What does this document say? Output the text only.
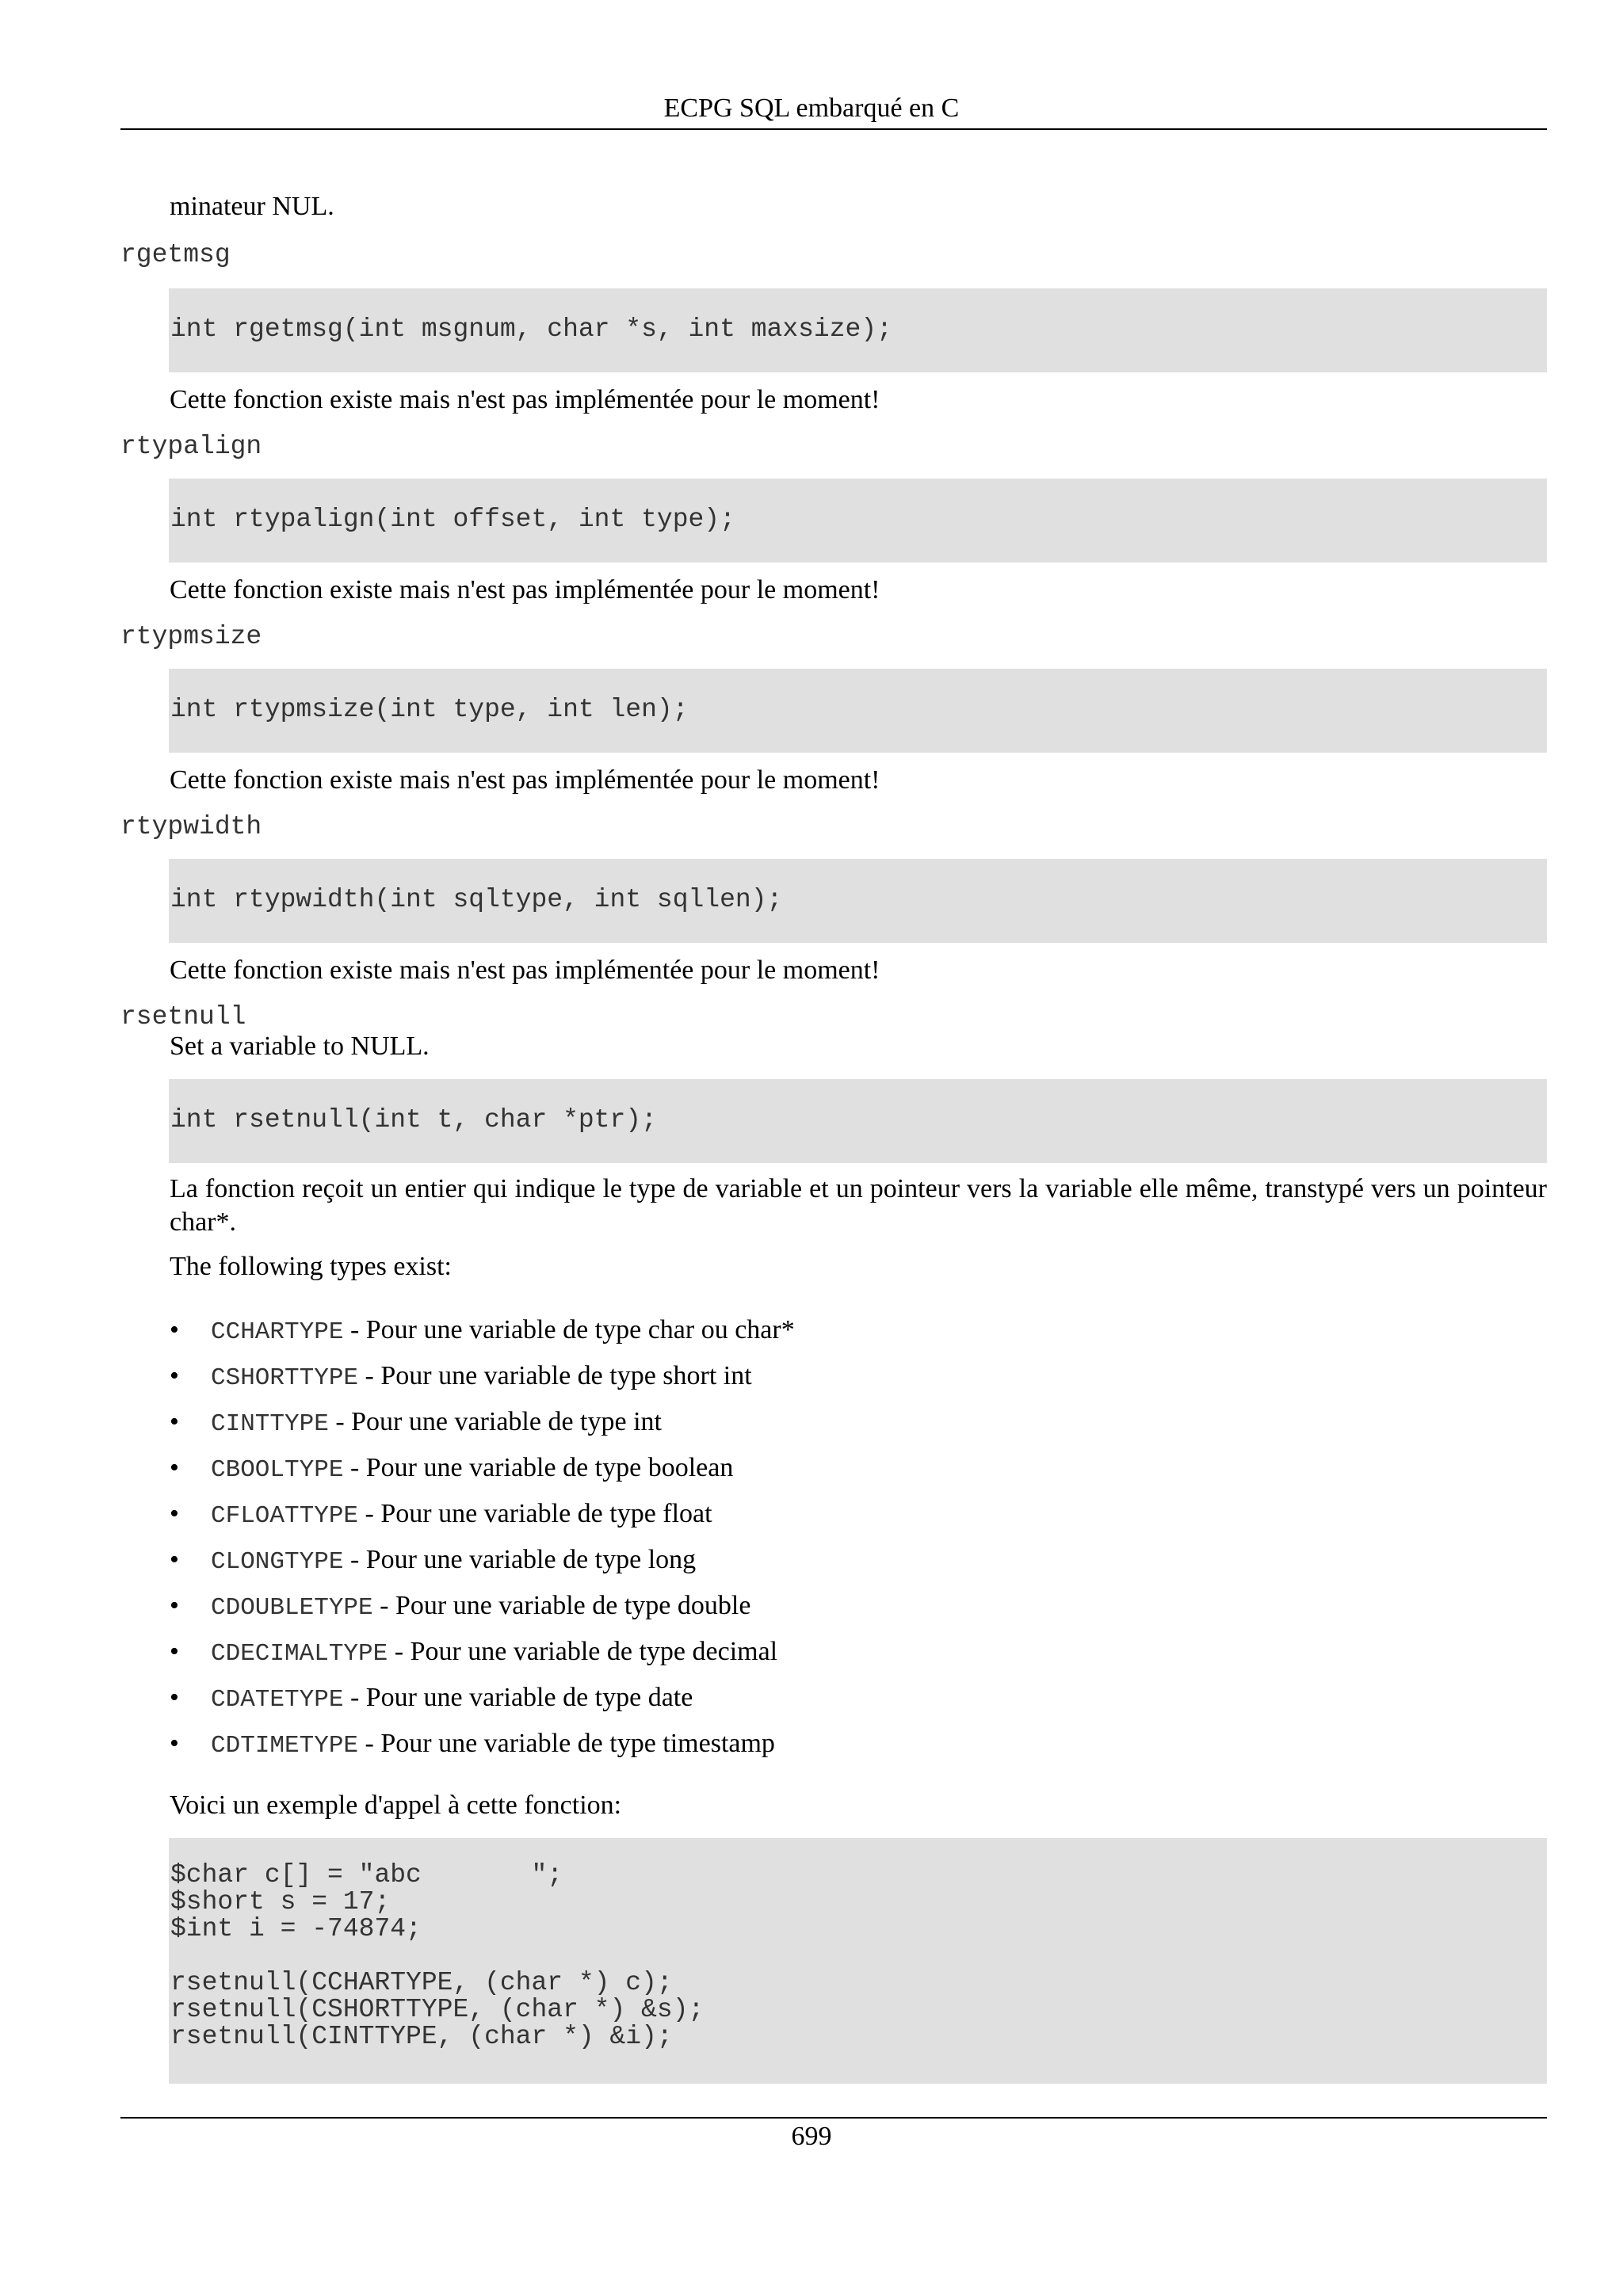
ECPG SQL embarqué en C
minateur NUL.
rgetmsg
int rgetmsg(int msgnum, char *s, int maxsize);
Cette fonction existe mais n'est pas implémentée pour le moment!
rtypalign
int rtypalign(int offset, int type);
Cette fonction existe mais n'est pas implémentée pour le moment!
rtypmsize
int rtypmsize(int type, int len);
Cette fonction existe mais n'est pas implémentée pour le moment!
rtypwidth
int rtypwidth(int sqltype, int sqllen);
Cette fonction existe mais n'est pas implémentée pour le moment!
rsetnull
Set a variable to NULL.
int rsetnull(int t, char *ptr);
La fonction reçoit un entier qui indique le type de variable et un pointeur vers la variable elle même, transtypé vers un pointeur char*.
The following types exist:
• CCHARTYPE - Pour une variable de type char ou char*
• CSHORTTYPE - Pour une variable de type short int
• CINTTYPE - Pour une variable de type int
• CBOOLTYPE - Pour une variable de type boolean
• CFLOATTYPE - Pour une variable de type float
• CLONGTYPE - Pour une variable de type long
• CDOUBLETYPE - Pour une variable de type double
• CDECIMALTYPE - Pour une variable de type decimal
• CDATETYPE - Pour une variable de type date
• CDTIMETYPE - Pour une variable de type timestamp
Voici un exemple d'appel à cette fonction:
$char c[] = "abc       ";
$short s = 17;
$int i = -74874;
rsetnull(CCHARTYPE, (char *) c);
rsetnull(CSHORTTYPE, (char *) &s);
rsetnull(CINTTYPE, (char *) &i);
699
